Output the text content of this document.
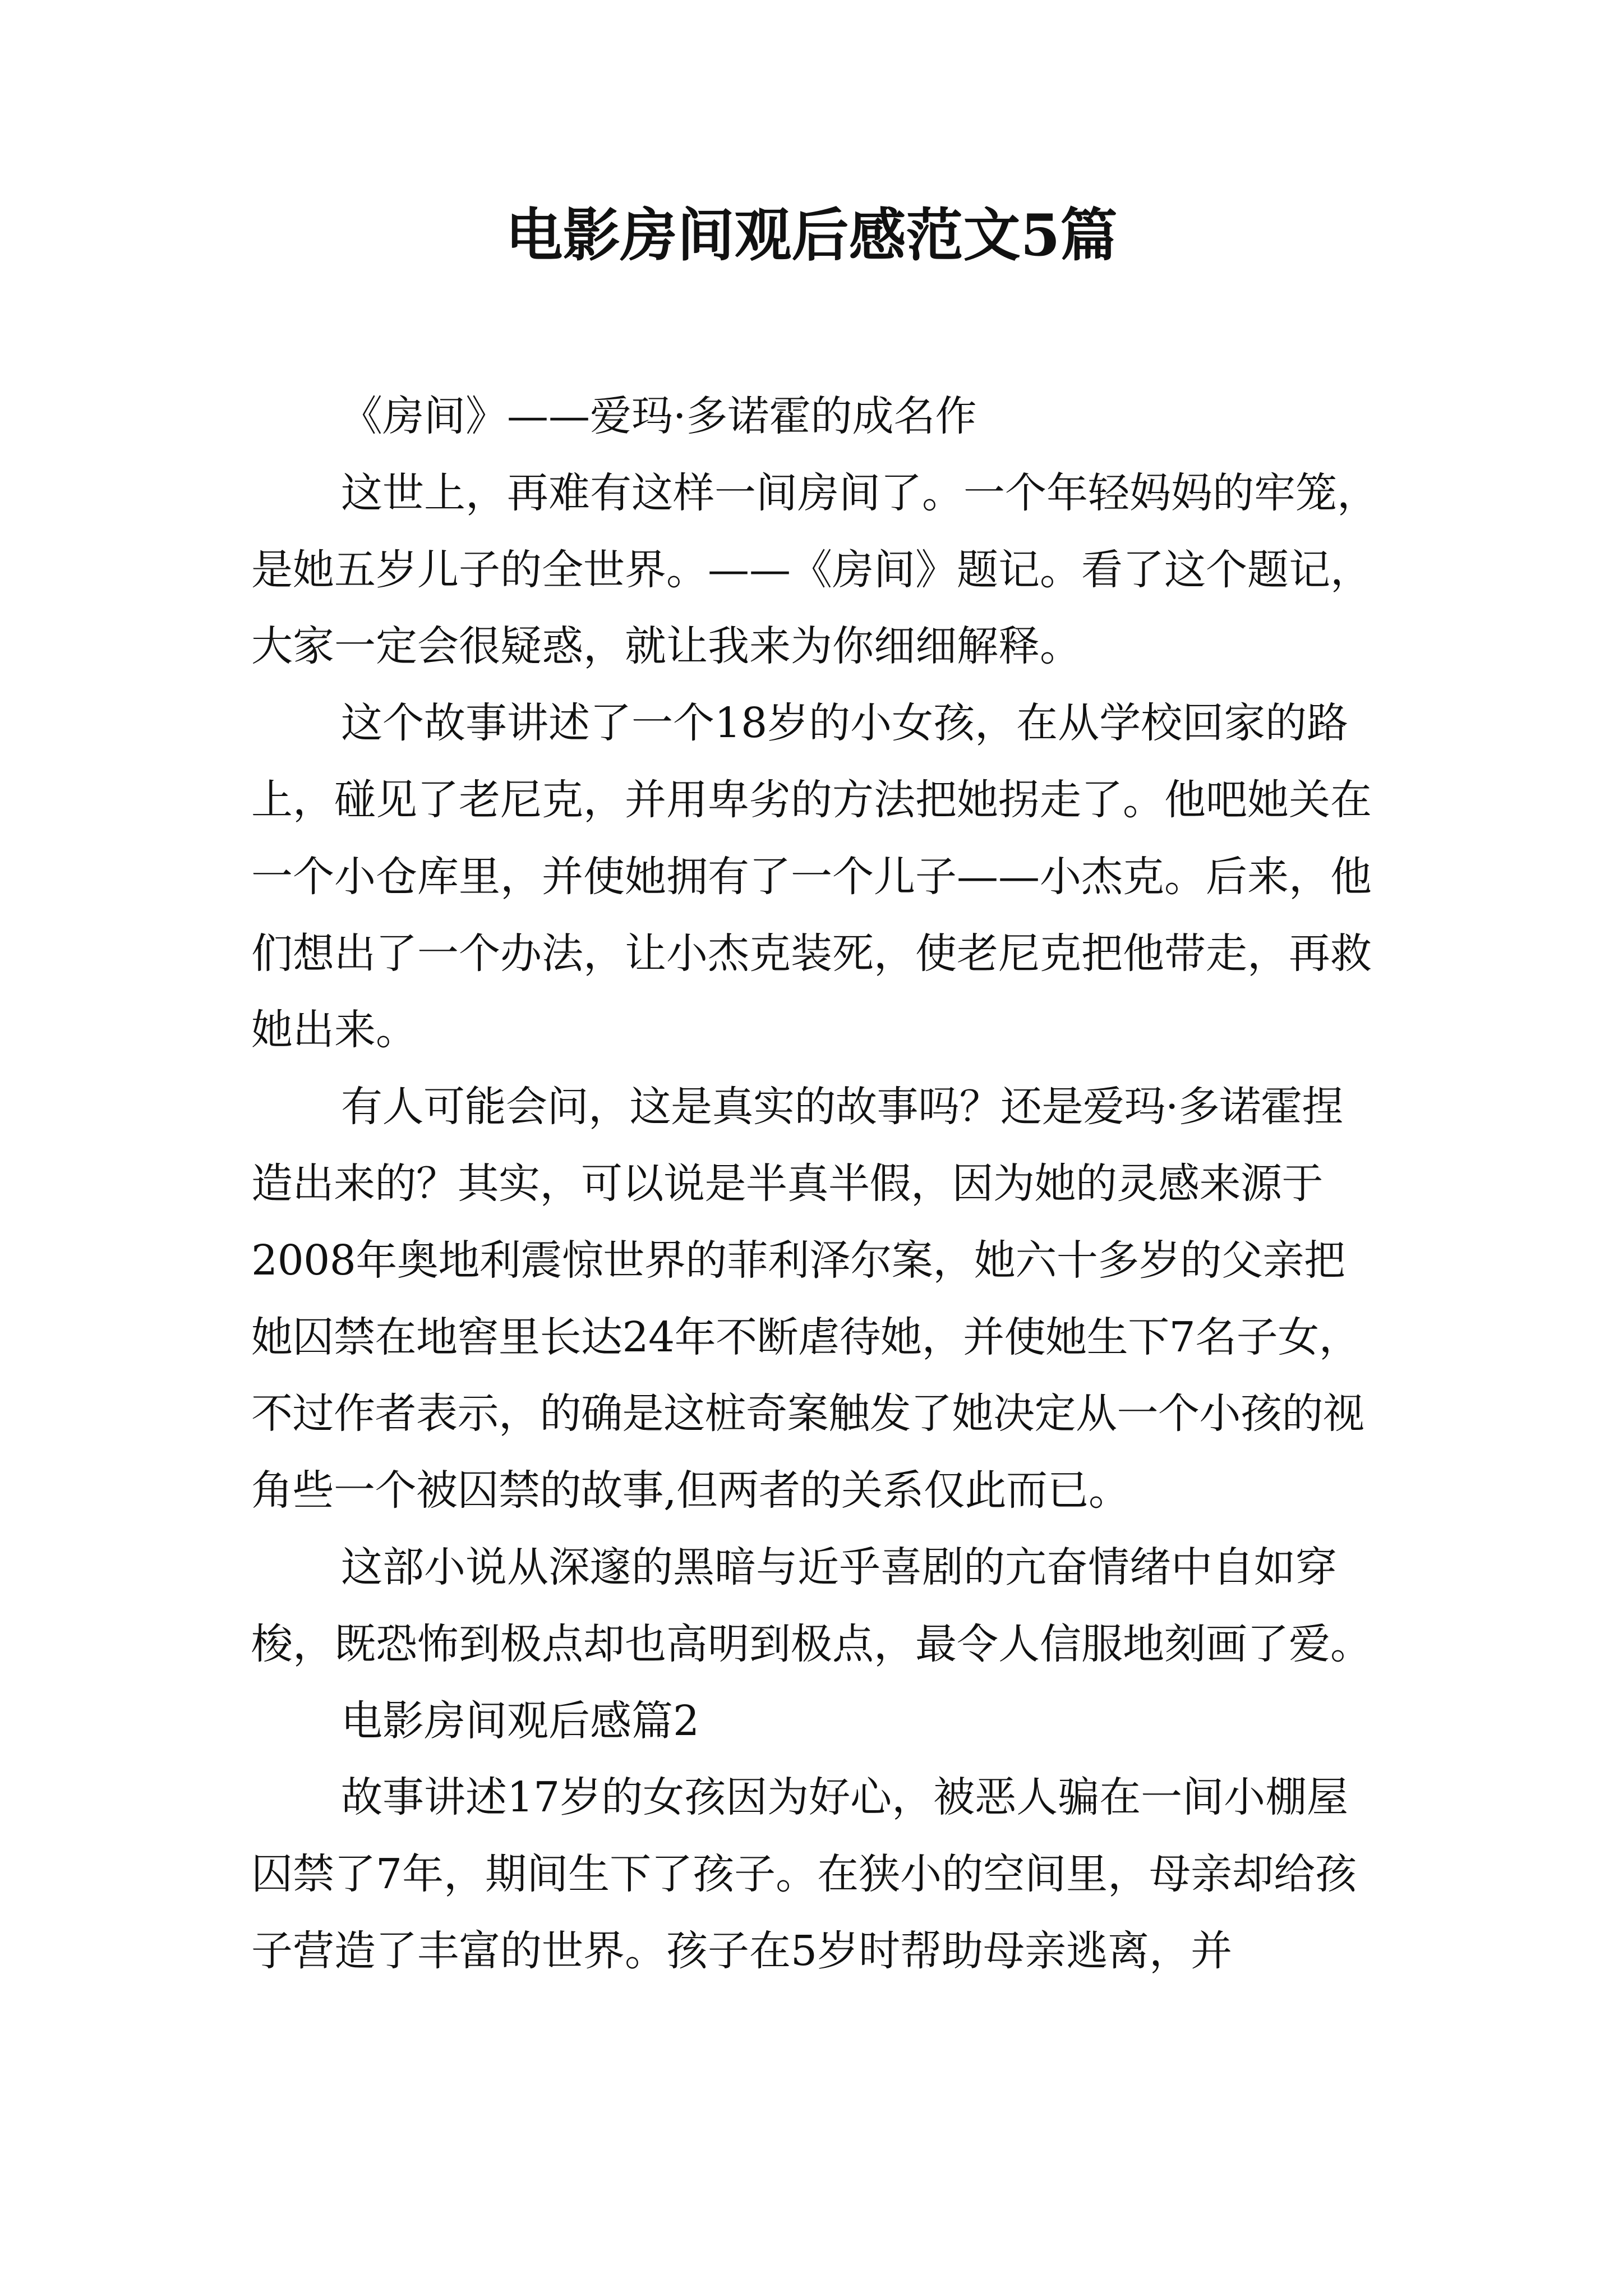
电影房间观后感范文5篇

《房间》——爱玛·多诺霍的成名作

这世上，再难有这样一间房间了。一个年轻妈妈的牢笼，是她五岁儿子的全世界。——《房间》题记。看了这个题记，大家一定会很疑惑，就让我来为你细细解释。

这个故事讲述了一个18岁的小女孩，在从学校回家的路上，碰见了老尼克，并用卑劣的方法把她拐走了。他吧她关在一个小仓库里，并使她拥有了一个儿子——小杰克。后来，他们想出了一个办法，让小杰克装死，使老尼克把他带走，再救她出来。

有人可能会问，这是真实的故事吗？还是爱玛·多诺霍捏造出来的？其实，可以说是半真半假，因为她的灵感来源于2008年奥地利震惊世界的菲利泽尔案，她六十多岁的父亲把她囚禁在地窖里长达24年不断虐待她，并使她生下7名子女，不过作者表示，的确是这桩奇案触发了她决定从一个小孩的视角些一个被囚禁的故事,但两者的关系仅此而已。

这部小说从深邃的黑暗与近乎喜剧的亢奋情绪中自如穿梭，既恐怖到极点却也高明到极点，最令人信服地刻画了爱。

电影房间观后感篇2

故事讲述17岁的女孩因为好心，被恶人骗在一间小棚屋囚禁了7年，期间生下了孩子。在狭小的空间里，母亲却给孩子营造了丰富的世界。孩子在5岁时帮助母亲逃离，并
